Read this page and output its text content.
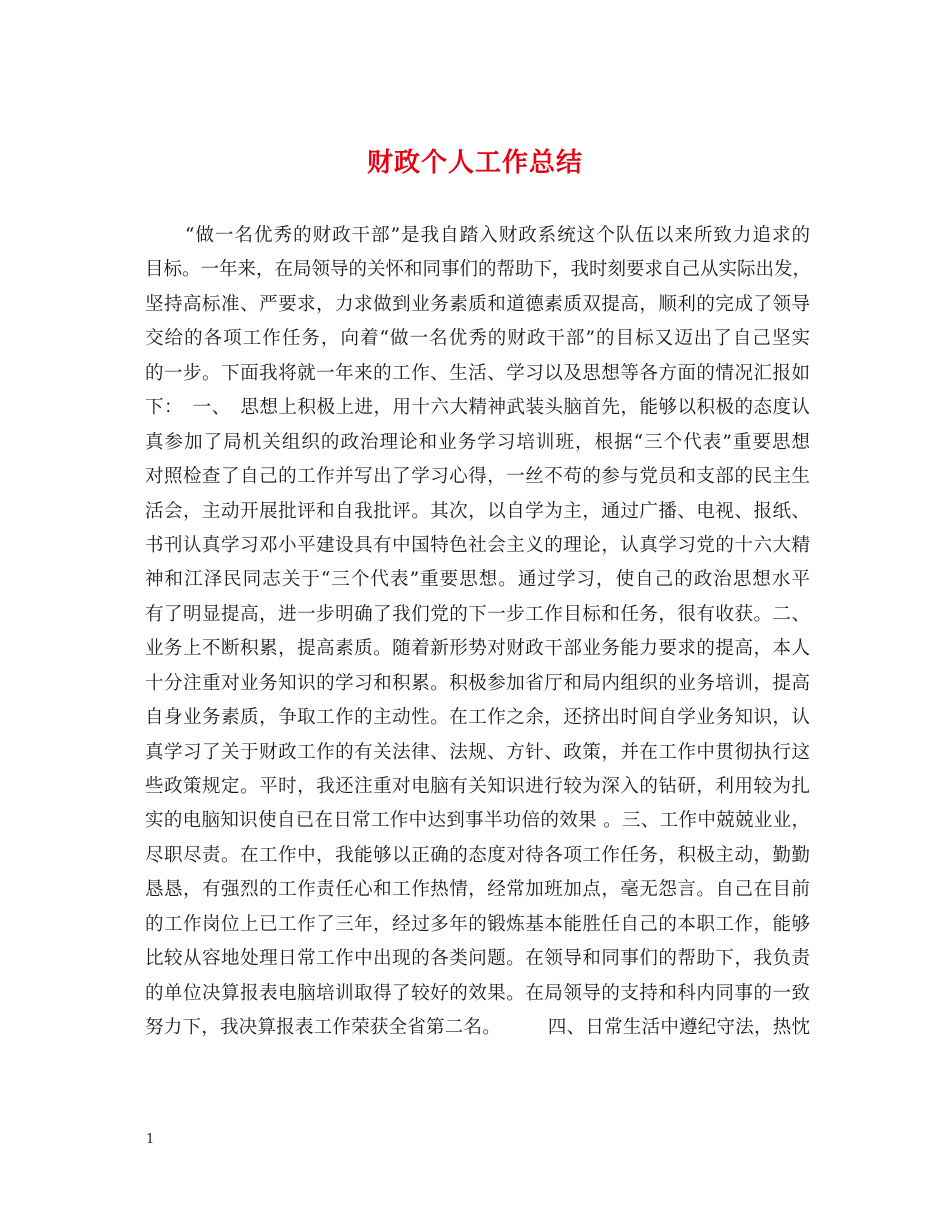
财政个人工作总结
“做一名优秀的财政干部”是我自踏入财政系统这个队伍以来所致力追求的
目标。一年来，在局领导的关怀和同事们的帮助下，我时刻要求自己从实际出发，
坚持高标准、严要求，力求做到业务素质和道德素质双提高，顺利的完成了领导
交给的各项工作任务，向着“做一名优秀的财政干部”的目标又迈出了自己坚实
的一步。下面我将就一年来的工作、生活、学习以及思想等各方面的情况汇报如
下：　一、　思想上积极上进，用十六大精神武装头脑首先，能够以积极的态度认
真参加了局机关组织的政治理论和业务学习培训班，根据“三个代表”重要思想
对照检查了自己的工作并写出了学习心得，一丝不苟的参与党员和支部的民主生
活会，主动开展批评和自我批评。其次，以自学为主，通过广播、电视、报纸、
书刊认真学习邓小平建设具有中国特色社会主义的理论，认真学习党的十六大精
神和江泽民同志关于“三个代表”重要思想。通过学习，使自己的政治思想水平
有了明显提高，进一步明确了我们党的下一步工作目标和任务，很有收获。二、
业务上不断积累，提高素质。随着新形势对财政干部业务能力要求的提高，本人
十分注重对业务知识的学习和积累。积极参加省厅和局内组织的业务培训，提高
自身业务素质，争取工作的主动性。在工作之余，还挤出时间自学业务知识，认
真学习了关于财政工作的有关法律、法规、方针、政策，并在工作中贯彻执行这
些政策规定。平时，我还注重对电脑有关知识进行较为深入的钻研，利用较为扎
实的电脑知识使自已在日常工作中达到事半功倍的效果 。三、工作中兢兢业业，
尽职尽责。在工作中，我能够以正确的态度对待各项工作任务，积极主动，勤勤
恳恳，有强烈的工作责任心和工作热情，经常加班加点，毫无怨言。自己在目前
的工作岗位上已工作了三年，经过多年的锻炼基本能胜任自己的本职工作，能够
比较从容地处理日常工作中出现的各类问题。在领导和同事们的帮助下，我负责
的单位决算报表电脑培训取得了较好的效果。在局领导的支持和科内同事的一致
努力下，我决算报表工作荣获全省第二名。　　　四、日常生活中遵纪守法，热忱
1
